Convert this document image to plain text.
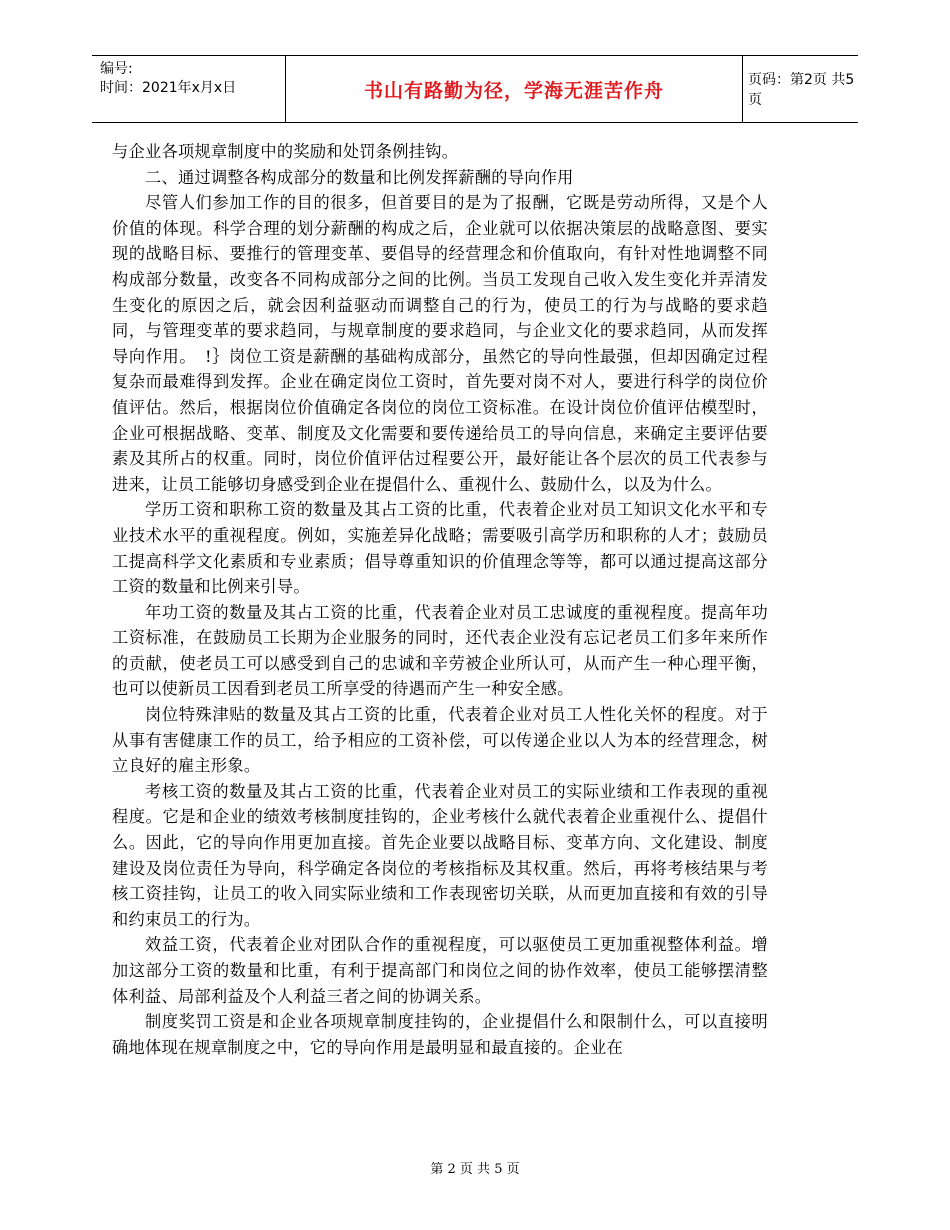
编号:
时间：2021年x月x日	书山有路勤为径，学海无涯苦作舟	页码：第2页 共5页

与企业各项规章制度中的奖励和处罚条例挂钩。

二、通过调整各构成部分的数量和比例发挥薪酬的导向作用

尽管人们参加工作的目的很多，但首要目的是为了报酬，它既是劳动所得，又是个人价值的体现。科学合理的划分薪酬的构成之后，企业就可以依据决策层的战略意图、要实现的战略目标、要推行的管理变革、要倡导的经营理念和价值取向，有针对性地调整不同构成部分数量，改变各不同构成部分之间的比例。当员工发现自己收入发生变化并弄清发生变化的原因之后，就会因利益驱动而调整自己的行为，使员工的行为与战略的要求趋同，与管理变革的要求趋同，与规章制度的要求趋同，与企业文化的要求趋同，从而发挥导向作用。　!｝岗位工资是薪酬的基础构成部分，虽然它的导向性最强，但却因确定过程复杂而最难得到发挥。企业在确定岗位工资时，首先要对岗不对人，要进行科学的岗位价值评估。然后，根据岗位价值确定各岗位的岗位工资标准。在设计岗位价值评估模型时，企业可根据战略、变革、制度及文化需要和要传递给员工的导向信息，来确定主要评估要素及其所占的权重。同时，岗位价值评估过程要公开，最好能让各个层次的员工代表参与进来，让员工能够切身感受到企业在提倡什么、重视什么、鼓励什么，以及为什么。

学历工资和职称工资的数量及其占工资的比重，代表着企业对员工知识文化水平和专业技术水平的重视程度。例如，实施差异化战略；需要吸引高学历和职称的人才；鼓励员工提高科学文化素质和专业素质；倡导尊重知识的价值理念等等，都可以通过提高这部分工资的数量和比例来引导。

年功工资的数量及其占工资的比重，代表着企业对员工忠诚度的重视程度。提高年功工资标准，在鼓励员工长期为企业服务的同时，还代表企业没有忘记老员工们多年来所作的贡献，使老员工可以感受到自己的忠诚和辛劳被企业所认可，从而产生一种心理平衡，也可以使新员工因看到老员工所享受的待遇而产生一种安全感。

岗位特殊津贴的数量及其占工资的比重，代表着企业对员工人性化关怀的程度。对于从事有害健康工作的员工，给予相应的工资补偿，可以传递企业以人为本的经营理念，树立良好的雇主形象。

考核工资的数量及其占工资的比重，代表着企业对员工的实际业绩和工作表现的重视程度。它是和企业的绩效考核制度挂钩的，企业考核什么就代表着企业重视什么、提倡什么。因此，它的导向作用更加直接。首先企业要以战略目标、变革方向、文化建设、制度建设及岗位责任为导向，科学确定各岗位的考核指标及其权重。然后，再将考核结果与考核工资挂钩，让员工的收入同实际业绩和工作表现密切关联，从而更加直接和有效的引导和约束员工的行为。

效益工资，代表着企业对团队合作的重视程度，可以驱使员工更加重视整体利益。增加这部分工资的数量和比重，有利于提高部门和岗位之间的协作效率，使员工能够摆清整体利益、局部利益及个人利益三者之间的协调关系。

制度奖罚工资是和企业各项规章制度挂钩的，企业提倡什么和限制什么，可以直接明确地体现在规章制度之中，它的导向作用是最明显和最直接的。企业在

第 2 页 共 5 页
